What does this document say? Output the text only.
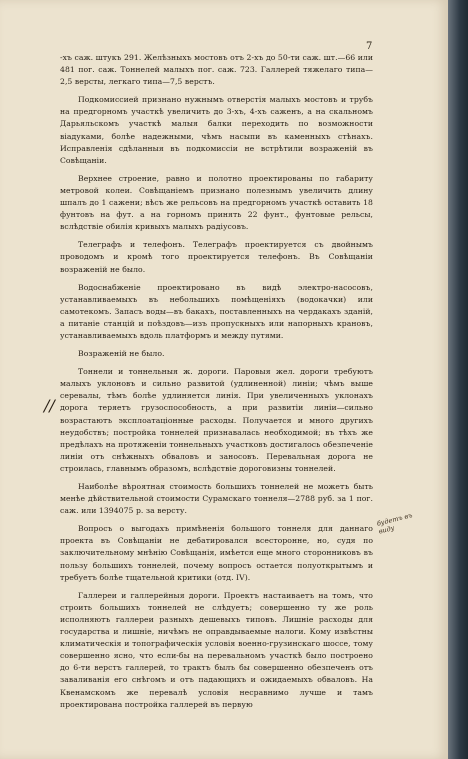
7
//

-хъ сaж. штукъ 291. Желѣзныхъ мостовъ отъ 2-хъ до 50-ти саж. шт.—66 или 481 пог. саж. Тоннелей малыхъ пог. саж. 723. Галлерей тяжелаго типа—2,5 версты, легкаго типа—7,5 верстъ.

Подкомиссией признано нужнымъ отверстія малыхъ мостовъ и трубъ на предгорномъ участкѣ увеличить до 3-хъ, 4-хъ саженъ, а на скальномъ Дарьяльскомъ участкѣ малыя балки переходить по возможности віадуками, болѣе надежными, чѣмъ насыпи въ каменныхъ стѣнахъ. Исправленія сдѣланныя въ подкомиссіи не встрѣтили возраженій въ Совѣщаніи.

Верхнее строение, равно и полотно проектированы по габариту метровой колеи. Совѣщаніемъ признано полезнымъ увеличить длину шпалъ до 1 сажени; вѣсъ же рельсовъ на предгорномъ участкѣ оставить 18 фунтовъ на фут. а на горномъ принять 22 фунт., фунтовые рельсы, вслѣдствіе обилія кривыхъ малыхъ радіусовъ.

Телеграфъ и телефонъ. Телеграфъ проектируется съ двойнымъ проводомъ и кромѣ того проектируется телефонъ. Въ Совѣщаніи возраженій не было.

Водоснабженіе проектировано въ видѣ электро-насосовъ, устанавливаемыхъ въ небольшихъ помѣщеніяхъ (водокачки) или самотекомъ. Запасъ воды—въ бакахъ, поставленныхъ на чердакахъ зданій, а питаніе станцій и поѣздовъ—изъ пропускныхъ или напорныхъ крановъ, устанавливаемыхъ вдоль платформъ и между путями.

Возраженій не было.

Тоннели и тоннельныя ж. дороги. Паровыя жел. дороги требуютъ малыхъ уклоновъ и сильно развитой (удлиненной) линіи; чѣмъ выше серевалы, тѣмъ болѣе удлиняется линія. При увеличенныхъ уклонахъ дорога теряетъ грузоспособность, а при развитіи линіи—сильно возрастаютъ эксплоатаціонные расходы. Получается и много другихъ неудобствъ; постройка тоннелей признавалась необходимой; въ тѣхъ же предѣлахъ на протяженіи тоннельныхъ участковъ достигалось обезпеченіе линіи отъ снѣжныхъ обваловъ и заносовъ. Перевальная дорога не строилась, главнымъ образомъ, вслѣдствіе дороговизны тоннелей.

Наиболѣе вѣроятная стоимость большихъ тоннелей не можетъ быть менѣе дѣйствительной стоимости Сурамскаго тоннеля—2788 руб. за 1 пог. саж. или 1394075 р. за версту.

Вопросъ о выгодахъ примѣненія большого тоннеля для даннаго проекта въ Совѣщаніи не дебатировался всесторонне, но, судя по заключительному мнѣнію Совѣщанія, имѣется еще много сторонниковъ въ пользу большихъ тоннелей, почему вопросъ остается полуоткрытымъ и требуетъ болѣе тщательной критики (отд. IV).

Галлереи и галлерейныя дороги. Проектъ настаиваетъ на томъ, что строить большихъ тоннелей не слѣдуетъ; совершенно ту же роль исполняютъ галлереи разныхъ дешевыхъ типовъ. Лишніе расходы для государства и лишніе, ничѣмъ не оправдываемые налоги. Кому извѣстны климатическія и топографическія условія военно-грузинскаго шоссе, тому совершенно ясно, что если-бы на перевальномъ участкѣ было построено до 6-ти верстъ галлерей, то трактъ былъ бы совершенно обезпеченъ отъ заваливанія его снѣгомъ и отъ падающихъ и ожидаемыхъ обваловъ. На Квенамскомъ же перевалѣ условія несравнимо лучше и тамъ проектирована постройка галлерей въ первую

будетъ въ виду
